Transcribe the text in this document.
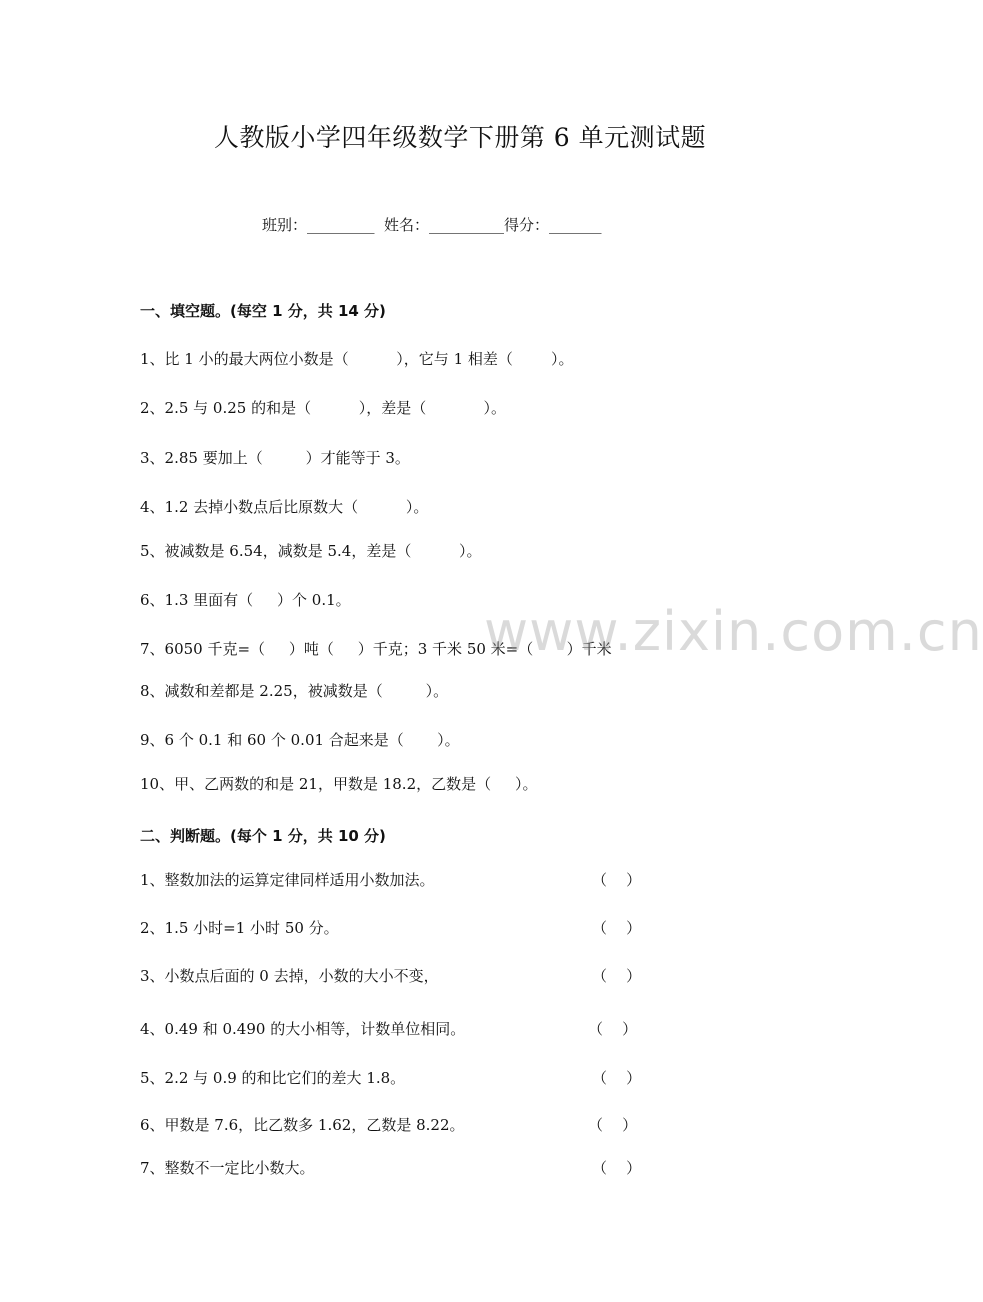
人教版小学四年级数学下册第 6 单元测试题
班别：_________  姓名：__________得分：_______
一、填空题。(每空 1 分，共 14 分)
1、比 1 小的最大两位小数是（          ），它与 1 相差（        ）。
2、2.5 与 0.25 的和是（          ），差是（            ）。
3、2.85 要加上（         ）才能等于 3。
4、1.2 去掉小数点后比原数大（          ）。
5、被减数是 6.54，减数是 5.4，差是（          ）。
6、1.3 里面有（     ）个 0.1。
7、6050 千克=（     ）吨（     ）千克；3 千米 50 米=（       ）千米
8、减数和差都是 2.25，被减数是（         ）。
9、6 个 0.1 和 60 个 0.01 合起来是（       ）。
10、甲、乙两数的和是 21，甲数是 18.2，乙数是（     ）。
二、判断题。(每个 1 分，共 10 分)
1、整数加法的运算定律同样适用小数加法。	（    ）
2、1.5 小时=1 小时 50 分。	（    ）
3、小数点后面的 0 去掉，小数的大小不变，	（    ）
4、0.49 和 0.490 的大小相等，计数单位相同。	（    ）
5、2.2 与 0.9 的和比它们的差大 1.8。	（    ）
6、甲数是 7.6，比乙数多 1.62，乙数是 8.22。	（    ）
7、整数不一定比小数大。	（    ）
www.zixin.com.cn
